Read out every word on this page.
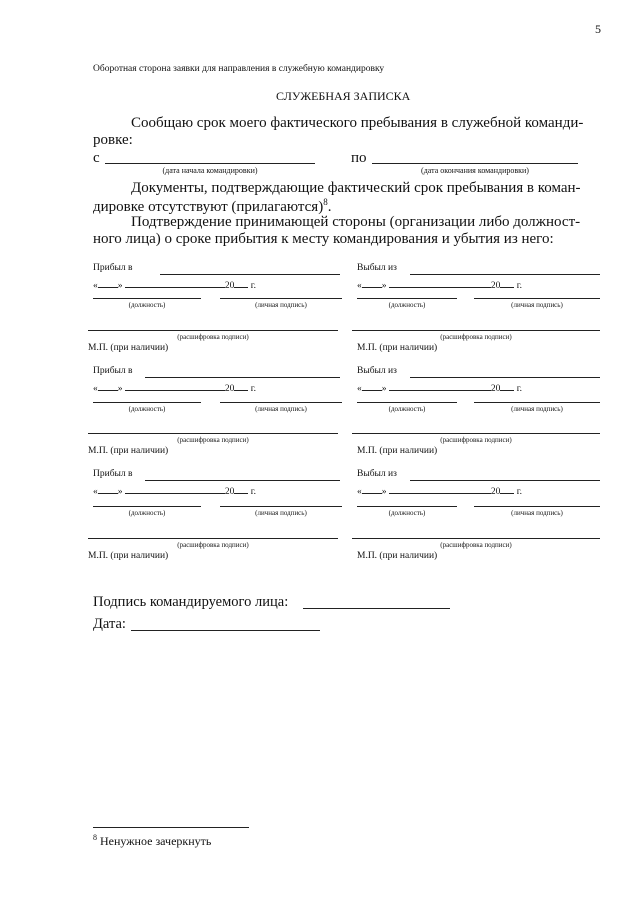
5
Оборотная сторона заявки для направления в служебную командировку
СЛУЖЕБНАЯ ЗАПИСКА
Сообщаю срок моего фактического пребывания в служебной команди-
ровке:
с
(дата начала командировки)
по
(дата окончания командировки)
Документы, подтверждающие фактический срок пребывания в коман-
дировке отсутствуют (прилагаются)$^8$.
Подтверждение принимающей стороны (организации либо должност-
ного лица) о сроке прибытия к месту командирования и убытия из него:
Прибыл в
« »	20 г.
(должность)	(личная подпись)
(расшифровка подписи)
М.П. (при наличии)
Выбыл из
« »	20 г.
(должность)	(личная подпись)
(расшифровка подписи)
М.П. (при наличии)
Прибыл в
« »	20 г.
(должность)	(личная подпись)
(расшифровка подписи)
М.П. (при наличии)
Выбыл из
« »	20 г.
(должность)	(личная подпись)
(расшифровка подписи)
М.П. (при наличии)
Прибыл в
« »	20 г.
(должность)	(личная подпись)
(расшифровка подписи)
М.П. (при наличии)
Выбыл из
« »	20 г.
(должность)	(личная подпись)
(расшифровка подписи)
М.П. (при наличии)
Подпись командируемого лица:
Дата:
$^8$ Ненужное зачеркнуть
